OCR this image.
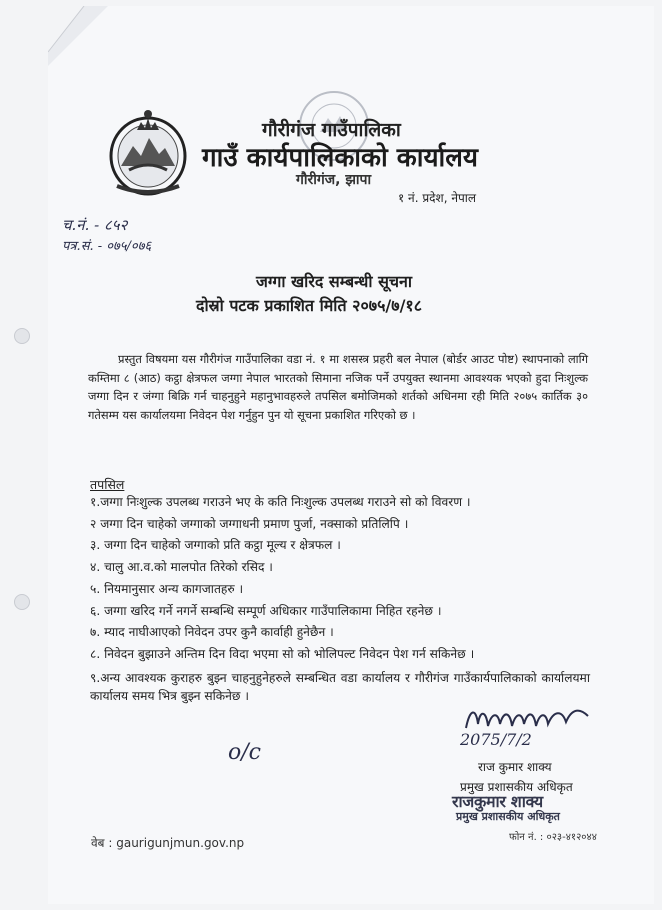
गौरीगंज गाउँपालिका
गाउँ कार्यपालिकाको कार्यालय
गौरीगंज, झापा
१ नं. प्रदेश, नेपाल
च.नं. - ८५२
पत्र.सं. - ०७५/०७६
जग्गा खरिद सम्बन्धी सूचना
दोस्रो पटक प्रकाशित मिति २०७५/७/१८
प्रस्तुत विषयमा यस गौरीगंज गाउँपालिका वडा नं. १ मा शसस्त्र प्रहरी बल नेपाल (बोर्डर आउट पोष्ट) स्थापनाको लागि कम्तिमा ८ (आठ) कट्ठा क्षेत्रफल जग्गा नेपाल भारतको सिमाना नजिक पर्ने उपयुक्त स्थानमा आवश्यक भएको हुदा निःशुल्क जग्गा दिन र जंग्गा बिक्रि गर्न चाहनुहुने महानुभावहरुले तपसिल बमोजिमको शर्तको अधिनमा रही मिति २०७५ कार्तिक ३० गतेसम्म यस कार्यालयमा निवेदन पेश गर्नुहुन पुन यो सूचना प्रकाशित गरिएको छ ।
तपसिल
१.जग्गा निःशुल्क उपलब्ध गराउने भए के कति निःशुल्क उपलब्ध गराउने सो को विवरण ।
२ जग्गा दिन चाहेको जग्गाको जग्गाधनी प्रमाण पुर्जा, नक्साको प्रतिलिपि ।
३. जग्गा दिन चाहेको जग्गाको प्रति कट्ठा मूल्य र क्षेत्रफल ।
४. चालु आ.व.को मालपोत तिरेको रसिद ।
५. नियमानुसार अन्य कागजातहरु ।
६. जग्गा खरिद गर्ने नगर्ने सम्बन्धि सम्पूर्ण अधिकार गाउँपालिकामा निहित रहनेछ ।
७. म्याद नाघीआएको निवेदन उपर कुनै कार्वाही हुनेछैन ।
८. निवेदन बुझाउने अन्तिम दिन विदा भएमा सो को भोलिपल्ट निवेदन पेश गर्न सकिनेछ ।
९.अन्य आवश्यक कुराहरु बुझ्न चाहनुहुनेहरुले सम्बन्धित वडा कार्यालय र गौरीगंज गाउँकार्यपालिकाको कार्यालयमा कार्यालय समय भित्र बुझ्न सकिनेछ ।
o/c
2075/7/2
राज कुमार शाक्य
प्रमुख प्रशासकीय अधिकृत
राजकुमार शाक्य
प्रमुख प्रशासकीय अधिकृत
वेब : gaurigunjmun.gov.np	फोन नं. : ०२३-४१२०४४
